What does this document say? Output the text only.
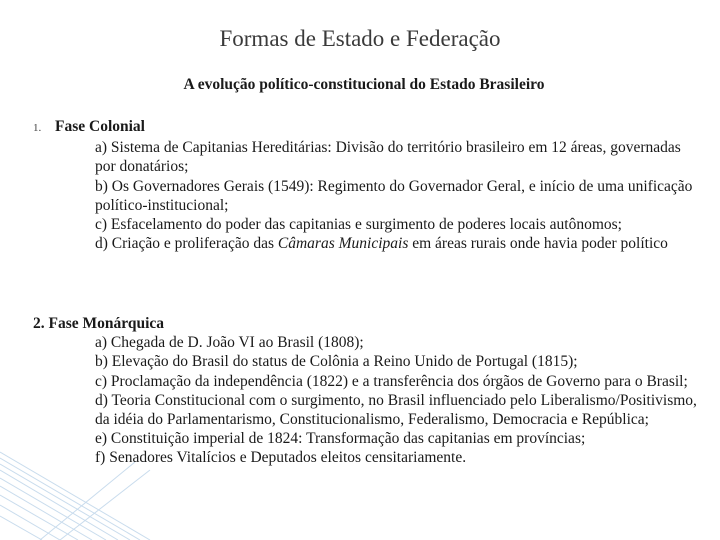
Formas de Estado e Federação
A evolução político-constitucional do Estado Brasileiro
1. Fase Colonial
a) Sistema de Capitanias Hereditárias: Divisão do território brasileiro em 12 áreas, governadas por donatários;
b) Os Governadores Gerais (1549): Regimento do Governador Geral, e início de uma unificação político-institucional;
c) Esfacelamento do poder das capitanias e surgimento de poderes locais autônomos;
d) Criação e proliferação das Câmaras Municipais em áreas rurais onde havia poder político
2. Fase Monárquica
a) Chegada de D. João VI ao Brasil (1808);
b) Elevação do Brasil do status de Colônia a Reino Unido de Portugal (1815);
c) Proclamação da independência (1822) e a transferência dos órgãos de Governo para o Brasil;
d) Teoria Constitucional com o surgimento, no Brasil influenciado pelo Liberalismo/Positivismo, da idéia do Parlamentarismo, Constitucionalismo, Federalismo, Democracia e República;
e) Constituição imperial de 1824: Transformação das capitanias em províncias;
f) Senadores Vitalícios e Deputados eleitos censitariamente.
